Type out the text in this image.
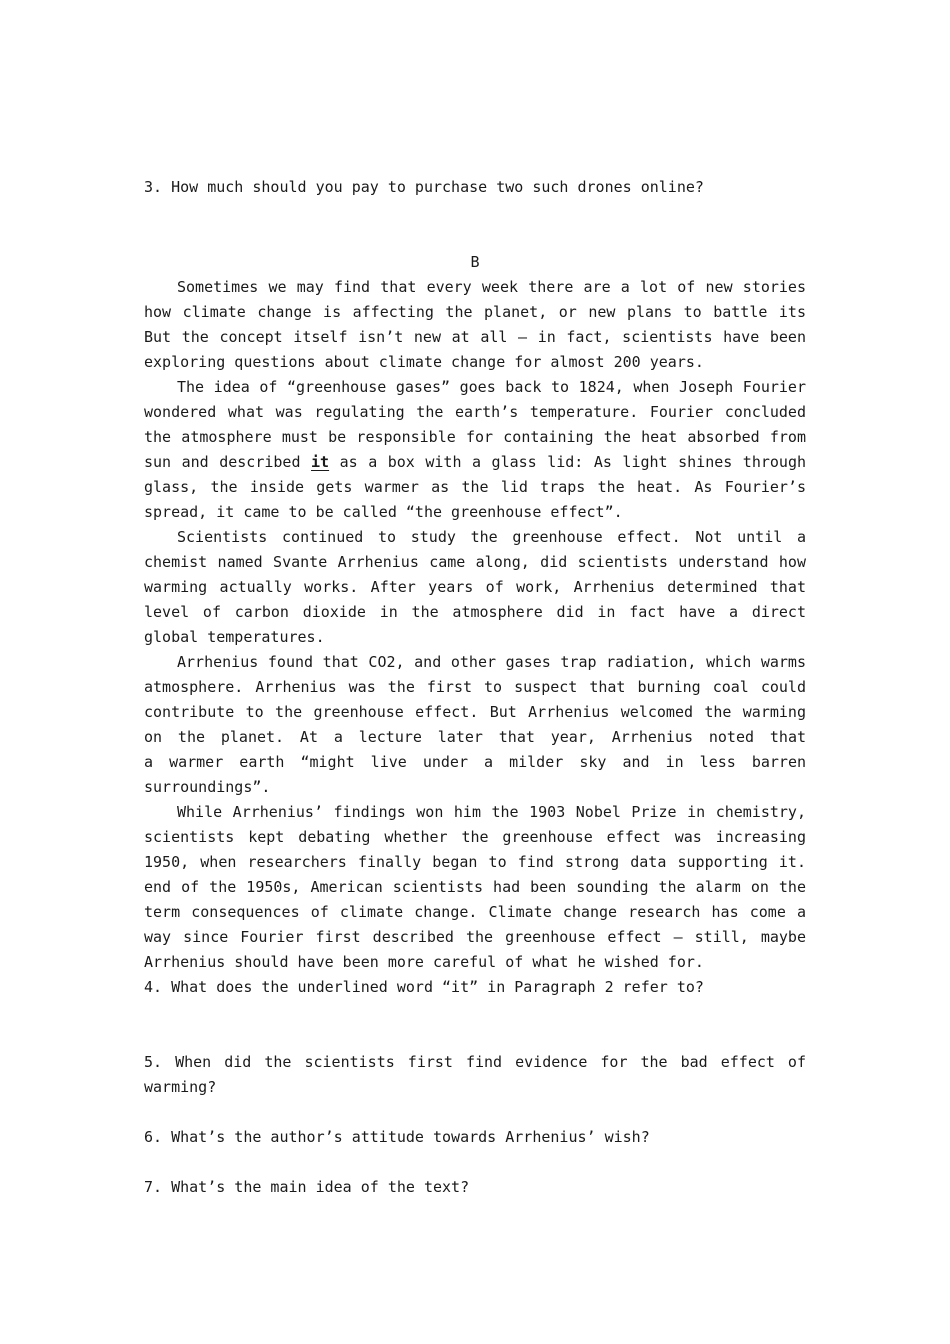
3. How much should you pay to purchase two such drones online?

B
Sometimes we may find that every week there are a lot of new stories
how climate change is affecting the planet, or new plans to battle its
But the concept itself isn’t new at all — in fact, scientists have been
exploring questions about climate change for almost 200 years.
The idea of “greenhouse gases” goes back to 1824, when Joseph Fourier
wondered what was regulating the earth’s temperature. Fourier concluded
the atmosphere must be responsible for containing the heat absorbed from
sun and described it as a box with a glass lid: As light shines through
glass, the inside gets warmer as the lid traps the heat. As Fourier’s
spread, it came to be called “the greenhouse effect”.
Scientists continued to study the greenhouse effect. Not until a
chemist named Svante Arrhenius came along, did scientists understand how
warming actually works. After years of work, Arrhenius determined that
level of carbon dioxide in the atmosphere did in fact have a direct
global temperatures.
Arrhenius found that CO2, and other gases trap radiation, which warms
atmosphere. Arrhenius was the first to suspect that burning coal could
contribute to the greenhouse effect. But Arrhenius welcomed the warming
on the planet. At a lecture later that year, Arrhenius noted that
a warmer earth “might live under a milder sky and in less barren
surroundings”.
While Arrhenius’ findings won him the 1903 Nobel Prize in chemistry,
scientists kept debating whether the greenhouse effect was increasing
1950, when researchers finally began to find strong data supporting it.
end of the 1950s, American scientists had been sounding the alarm on the
term consequences of climate change. Climate change research has come a
way since Fourier first described the greenhouse effect — still, maybe
Arrhenius should have been more careful of what he wished for.
4. What does the underlined word “it” in Paragraph 2 refer to?

5. When did the scientists first find evidence for the bad effect of
warming?

6. What’s the author’s attitude towards Arrhenius’ wish?

7. What’s the main idea of the text?
